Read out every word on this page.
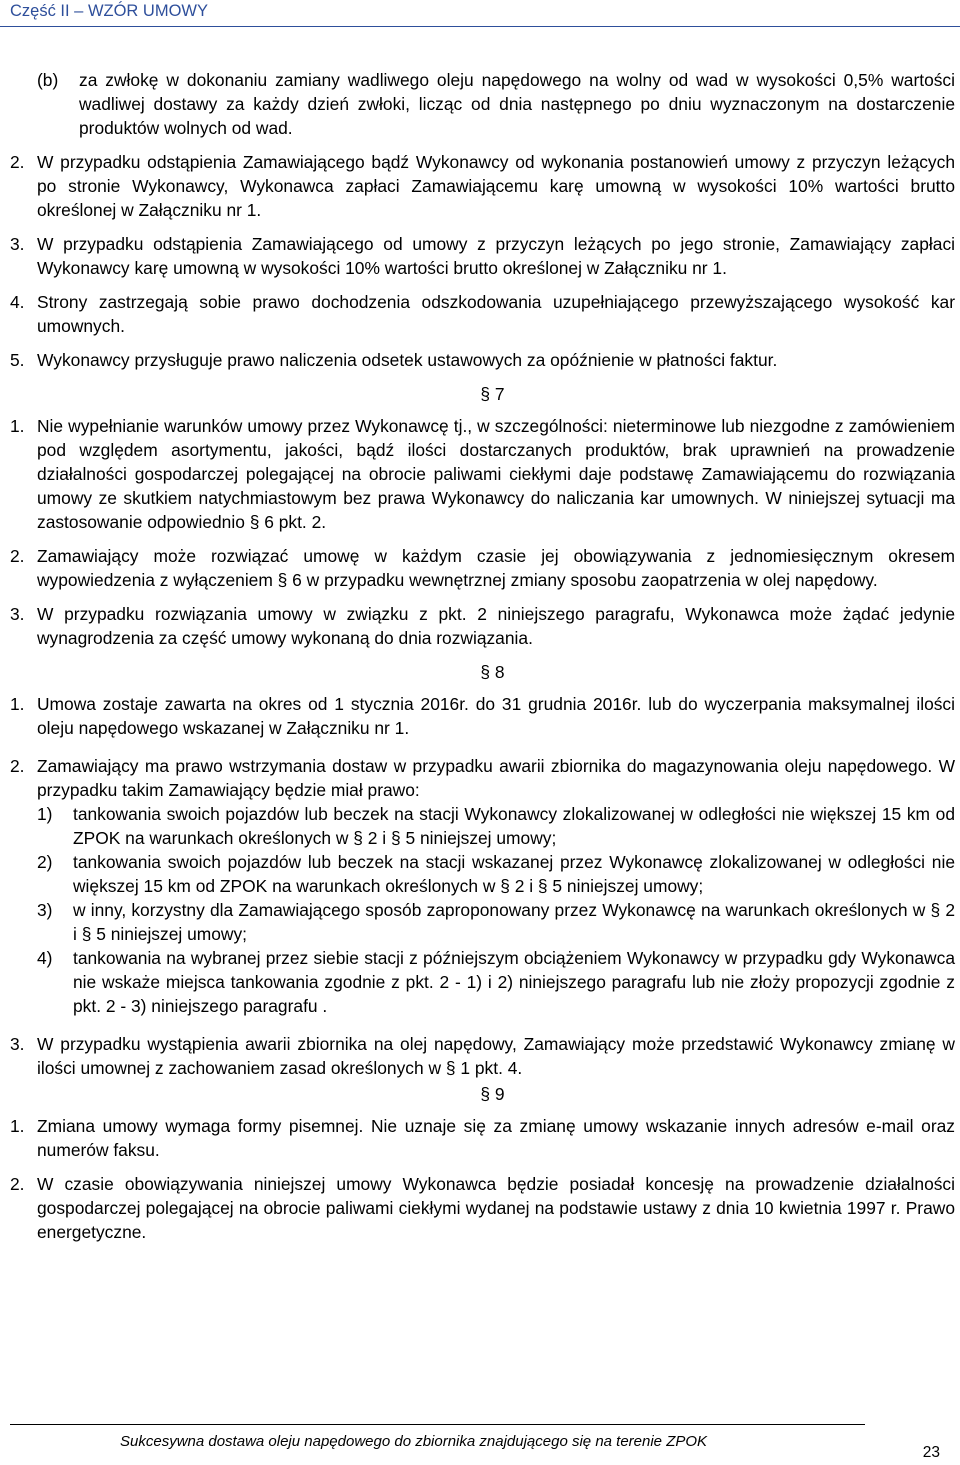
Część II – WZÓR UMOWY
(b)	za zwłokę w dokonaniu zamiany wadliwego oleju napędowego na wolny od wad w wysokości 0,5% wartości wadliwej dostawy za każdy dzień zwłoki, licząc od dnia następnego po dniu wyznaczonym na dostarczenie produktów wolnych od wad.
2. W przypadku odstąpienia Zamawiającego bądź Wykonawcy od wykonania postanowień umowy z przyczyn leżących po stronie Wykonawcy, Wykonawca zapłaci Zamawiającemu karę umowną w wysokości 10% wartości brutto określonej w Załączniku nr 1.
3. W przypadku odstąpienia Zamawiającego od umowy z przyczyn leżących po jego stronie, Zamawiający zapłaci Wykonawcy karę umowną w wysokości 10% wartości brutto określonej w Załączniku nr 1.
4. Strony zastrzegają sobie prawo dochodzenia odszkodowania uzupełniającego przewyższającego wysokość kar umownych.
5. Wykonawcy przysługuje prawo naliczenia odsetek ustawowych za opóźnienie w płatności faktur.
§ 7
1. Nie wypełnianie warunków umowy przez Wykonawcę tj., w szczególności: nieterminowe lub niezgodne z zamówieniem pod względem asortymentu, jakości, bądź ilości dostarczanych produktów, brak uprawnień na prowadzenie działalności gospodarczej polegającej na obrocie paliwami ciekłymi daje podstawę Zamawiającemu do rozwiązania umowy ze skutkiem natychmiastowym bez prawa Wykonawcy do naliczania kar umownych. W niniejszej sytuacji ma zastosowanie odpowiednio § 6 pkt. 2.
2. Zamawiający może rozwiązać umowę w każdym czasie jej obowiązywania z jednomiesięcznym okresem wypowiedzenia z wyłączeniem § 6 w przypadku wewnętrznej zmiany sposobu zaopatrzenia w olej napędowy.
3. W przypadku rozwiązania umowy w związku z pkt. 2 niniejszego paragrafu, Wykonawca może żądać jedynie wynagrodzenia za część umowy wykonaną do dnia rozwiązania.
§ 8
1. Umowa zostaje zawarta na okres od 1 stycznia 2016r. do 31 grudnia 2016r. lub do wyczerpania maksymalnej ilości oleju napędowego wskazanej w Załączniku nr 1.
2. Zamawiający ma prawo wstrzymania dostaw w przypadku awarii zbiornika do magazynowania oleju napędowego. W przypadku takim Zamawiający będzie miał prawo:
1)	tankowania swoich pojazdów lub beczek na stacji Wykonawcy zlokalizowanej w odległości nie większej 15 km od ZPOK na warunkach określonych w § 2 i § 5 niniejszej umowy;
2)	tankowania swoich pojazdów lub beczek na stacji wskazanej przez Wykonawcę zlokalizowanej w odległości nie większej 15 km od ZPOK na warunkach określonych w § 2 i § 5 niniejszej umowy;
3)	w inny, korzystny dla Zamawiającego sposób zaproponowany przez Wykonawcę na warunkach określonych w § 2 i § 5 niniejszej umowy;
4)	tankowania na wybranej przez siebie stacji z późniejszym obciążeniem Wykonawcy w przypadku gdy Wykonawca nie wskaże miejsca tankowania zgodnie z pkt. 2 - 1) i 2) niniejszego paragrafu lub nie złoży propozycji zgodnie z pkt. 2 - 3) niniejszego paragrafu .
3. W przypadku wystąpienia awarii zbiornika na olej napędowy, Zamawiający może przedstawić Wykonawcy zmianę w ilości umownej z zachowaniem zasad określonych w § 1 pkt. 4.
§ 9
1. Zmiana umowy wymaga formy pisemnej. Nie uznaje się za zmianę umowy wskazanie innych adresów e-mail oraz numerów faksu.
2. W czasie obowiązywania niniejszej umowy Wykonawca będzie posiadał koncesję na prowadzenie działalności gospodarczej polegającej na obrocie paliwami ciekłymi wydanej na podstawie ustawy z dnia 10 kwietnia 1997 r. Prawo energetyczne.
Sukcesywna dostawa oleju napędowego do zbiornika znajdującego się na terenie ZPOK
23
